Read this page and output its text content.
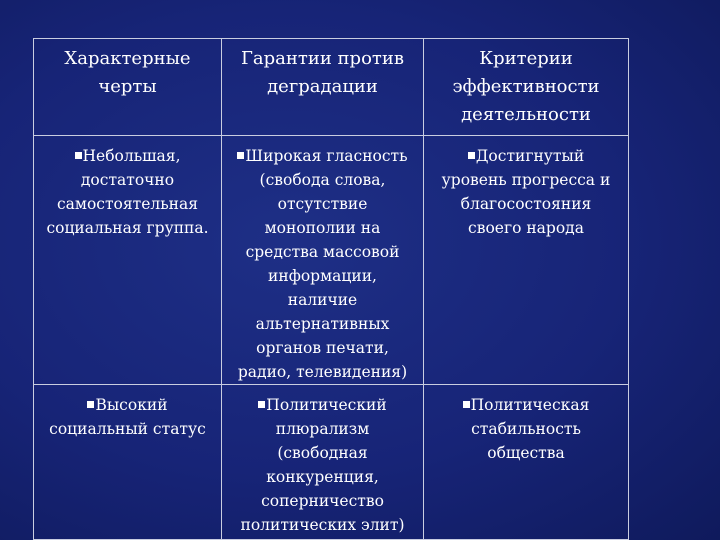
Характерные черты	Гарантии против деградации	Критерии эффективности деятельности

Небольшая, достаточно самостоятельная социальная группа.	Широкая гласность (свобода слова, отсутствие монополии на средства массовой информации, наличие альтернативных органов печати, радио, телевидения)	Достигнутый уровень прогресса и благосостояния своего народа

Высокий социальный статус	Политический плюрализм (свободная конкуренция, соперничество политических элит)	Политическая стабильность общества
